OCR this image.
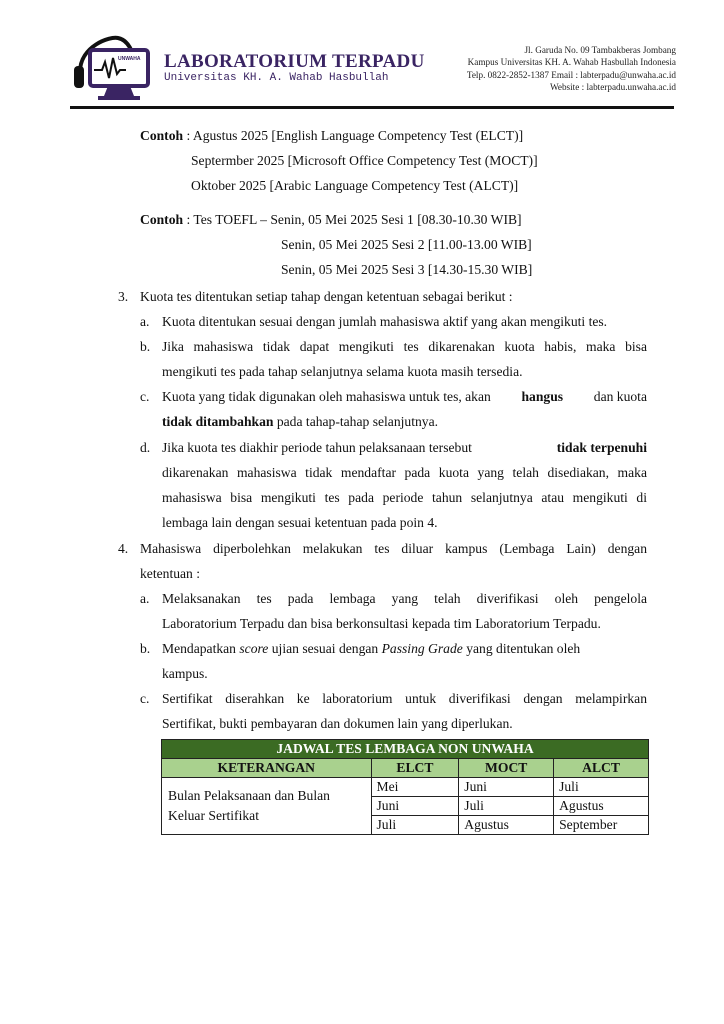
UNWAHA LABORATORIUM TERPADU
Universitas KH. A. Wahab Hasbullah
Jl. Garuda No. 09 Tambakberas Jombang
Kampus Universitas KH. A. Wahab Hasbullah Indonesia
Telp. 0822-2852-1387 Email : labterpadu@unwaha.ac.id
Website : labterpadu.unwaha.ac.id
Contoh : Agustus 2025 [English Language Competency Test (ELCT)]
Septermber 2025 [Microsoft Office Competency Test (MOCT)]
Oktober 2025 [Arabic Language Competency Test (ALCT)]
Contoh : Tes TOEFL – Senin, 05 Mei 2025 Sesi 1 [08.30-10.30 WIB]
Senin, 05 Mei 2025 Sesi 2 [11.00-13.00 WIB]
Senin, 05 Mei 2025 Sesi 3 [14.30-15.30 WIB]
3. Kuota tes ditentukan setiap tahap dengan ketentuan sebagai berikut :
a. Kuota ditentukan sesuai dengan jumlah mahasiswa aktif yang akan mengikuti tes.
b. Jika mahasiswa tidak dapat mengikuti tes dikarenakan kuota habis, maka bisa
mengikuti tes pada tahap selanjutnya selama kuota masih tersedia.
c. Kuota yang tidak digunakan oleh mahasiswa untuk tes, akan hangus dan kuota
tidak ditambahkan pada tahap-tahap selanjutnya.
d. Jika kuota tes diakhir periode tahun pelaksanaan tersebut	tidak terpenuhi
dikarenakan mahasiswa tidak mendaftar pada kuota yang telah disediakan, maka
mahasiswa bisa mengikuti tes pada periode tahun selanjutnya atau mengikuti di
lembaga lain dengan sesuai ketentuan pada poin 4.
4. Mahasiswa diperbolehkan melakukan tes diluar kampus (Lembaga Lain) dengan
ketentuan :
a. Melaksanakan tes pada lembaga yang telah diverifikasi oleh pengelola
Laboratorium Terpadu dan bisa berkonsultasi kepada tim Laboratorium Terpadu.
b. Mendapatkan score ujian sesuai dengan Passing Grade yang ditentukan oleh
kampus.
c. Sertifikat diserahkan ke laboratorium untuk diverifikasi dengan melampirkan
Sertifikat, bukti pembayaran dan dokumen lain yang diperlukan.
JADWAL TES LEMBAGA NON UNWAHA			
KETERANGAN	ELCT	MOCT	ALCT

Bulan Pelaksanaan dan Bulan
Keluar Sertifikat	Mei	Juni	Juli
	Juni	Juli	Agustus
	Juli	Agustus	September
